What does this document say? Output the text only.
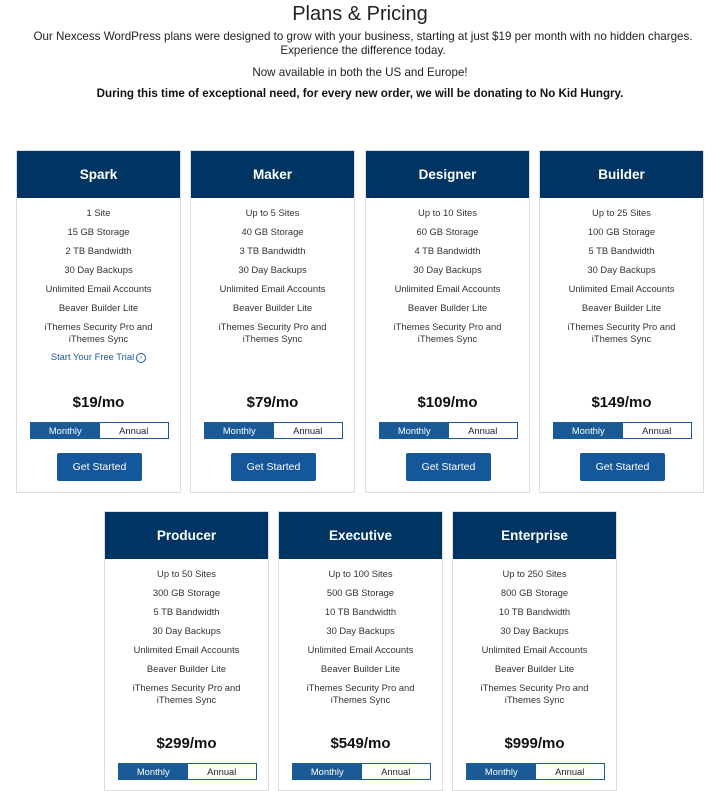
Plans & Pricing
Our Nexcess WordPress plans were designed to grow with your business, starting at just $19 per month with no hidden charges. Experience the difference today.
Now available in both the US and Europe!
During this time of exceptional need, for every new order, we will be donating to No Kid Hungry.
Spark
1 Site
15 GB Storage
2 TB Bandwidth
30 Day Backups
Unlimited Email Accounts
Beaver Builder Lite
iThemes Security Pro and iThemes Sync
Start Your Free Trial ›
$19/mo
Monthly	Annual
Get Started
Maker
Up to 5 Sites
40 GB Storage
3 TB Bandwidth
30 Day Backups
Unlimited Email Accounts
Beaver Builder Lite
iThemes Security Pro and iThemes Sync
$79/mo
Monthly	Annual
Get Started
Designer
Up to 10 Sites
60 GB Storage
4 TB Bandwidth
30 Day Backups
Unlimited Email Accounts
Beaver Builder Lite
iThemes Security Pro and iThemes Sync
$109/mo
Monthly	Annual
Get Started
Builder
Up to 25 Sites
100 GB Storage
5 TB Bandwidth
30 Day Backups
Unlimited Email Accounts
Beaver Builder Lite
iThemes Security Pro and iThemes Sync
$149/mo
Monthly	Annual
Get Started
Producer
Up to 50 Sites
300 GB Storage
5 TB Bandwidth
30 Day Backups
Unlimited Email Accounts
Beaver Builder Lite
iThemes Security Pro and iThemes Sync
$299/mo
Monthly	Annual
Executive
Up to 100 Sites
500 GB Storage
10 TB Bandwidth
30 Day Backups
Unlimited Email Accounts
Beaver Builder Lite
iThemes Security Pro and iThemes Sync
$549/mo
Monthly	Annual
Enterprise
Up to 250 Sites
800 GB Storage
10 TB Bandwidth
30 Day Backups
Unlimited Email Accounts
Beaver Builder Lite
iThemes Security Pro and iThemes Sync
$999/mo
Monthly	Annual
